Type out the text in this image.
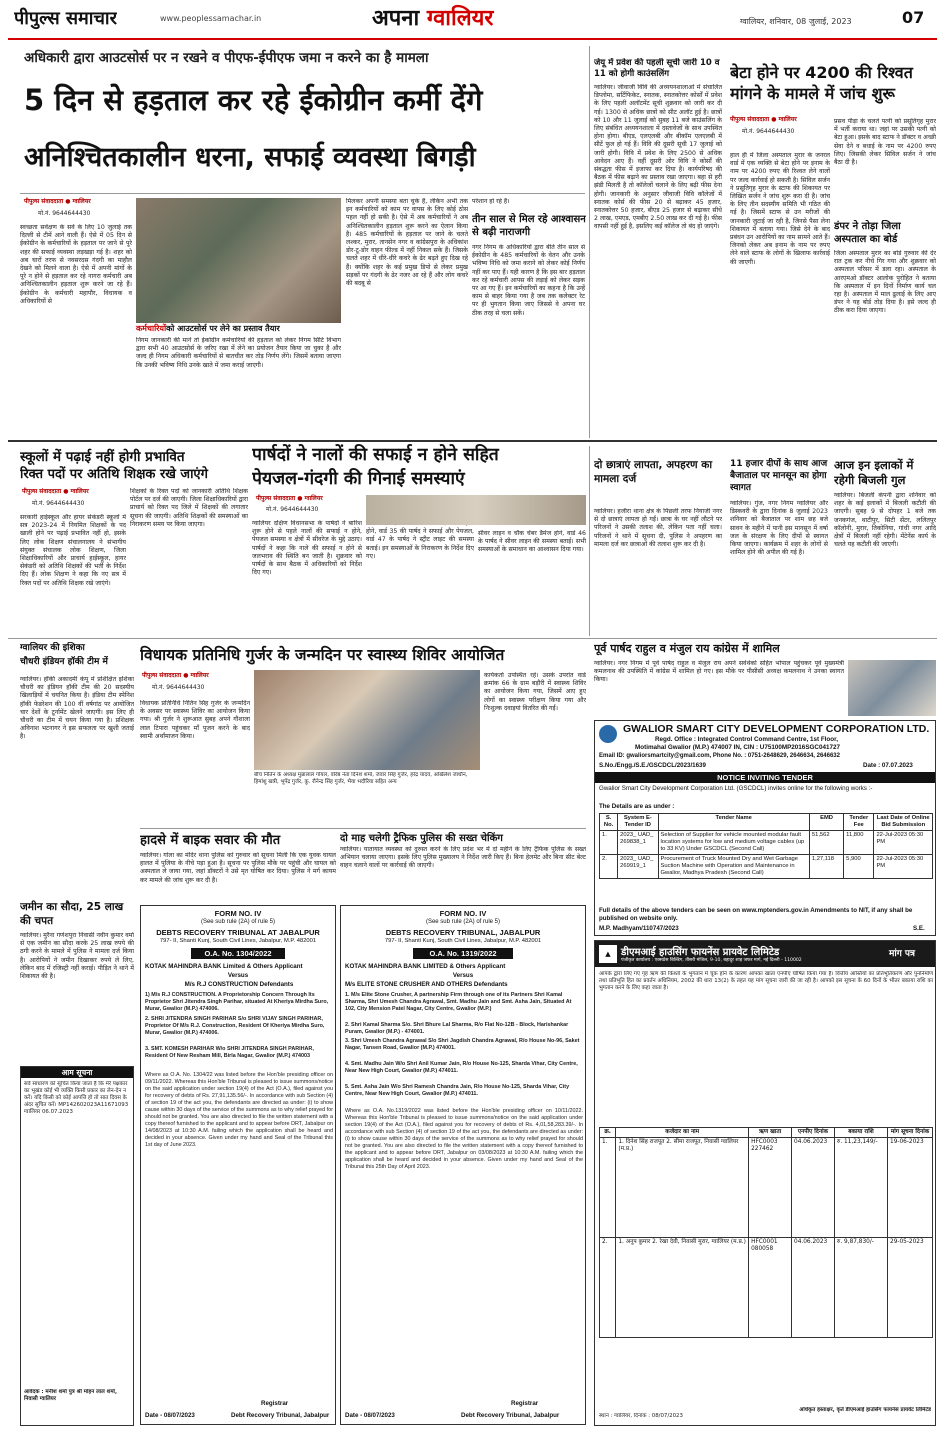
पीपुल्स समाचार	www.peoplessamachar.in	अपना ग्वालियर	ग्वालियर, शनिवार, 08 जुलाई, 2023	07
अधिकारी द्वारा आउटसोर्स पर न रखने व पीएफ-ईपीएफ जमा न करने का है मामला
5 दिन से हड़ताल कर रहे ईकोग्रीन कर्मी देंगे
अनिश्चितकालीन धरना, सफाई व्यवस्था बिगड़ी
पीपुल्स संवाददाता ● ग्वालियर
मो.नं. 9644644430
स्वच्छता सर्वेक्षण के सर्वे के लिए 10 जुलाई तक दिल्ली से टीमें आने वाली हैं। ऐसे में 05 दिन से ईकोग्रीन के कर्मचारियों के हड़ताल पर जाने से पूरे शहर की सफाई व्यवस्था लड़खड़ा गई है। शहर को अब चारों तरफ से नवसरदस गंदगी का माहौल देखने को मिलने वाला है। ऐसे में अपनी मांगों के पूरे न होने से हड़ताल कर रहे नागरा कर्मचारी अब अनिश्चितकालीन हड़ताल शुरू करने जा रहे हैं। ईकोग्रीन के कर्मचारी महापौर, विधायक व अधिकारियों से
कर्मचारियोंको आउटसोर्स पर लेने का प्रस्ताव तैयार
निगम जानकारी की मानें तो ईकोग्रीन कर्मचारियों की हड़ताल को लेकर निगम सिटि विभाग द्वारा सभी 40 आउटसोर्स के जरिए रखा में लेने का प्रयोजन तैयार किया जा चुका है और जल्द ही निगम अधिकारी कर्मचारियों से बातचीत कर तोड़ निर्णय लेंगे। जिसमें बताया जाएगा कि उनकी भविष्य निधि उनके खाते में जमा कराई जाएगी।
मिलकर अपनी समस्या बता चुके हैं, लेकिन अभी तक इन कर्मचारियों को काम पर वापस के लिए कोई ठोस पहल नहीं हो सकी है। ऐसे में अब कर्मचारियों ने अब अनिश्चितकालीन हड़ताल शुरू करने का ऐलान किया है। 485 कर्मचारियों के हड़ताल पर जाने के चलते लश्कर, मुरार, तानसेन नगर व कांग्रेसपुरा के अधिकांश डोर-टू-डोर वाहन फील्ड में नहीं निकल सके हैं। जिसके चलते शहर में धीरे-धीरे कचरे के ढेर बढ़ते हुए दिख रहे हैं। क्योंकि शहर के कई प्रमुख डिपो से लेकर प्रमुख सड़कों पर गंदगी के ढेर नजर आ रहे हैं और लोग कचरे की बदबू से
परेशान हो रहे हैं।
तीन साल से मिल रहे आश्वासन से बढ़ी नाराजगी
नगर निगम के अधिकारियों द्वारा बीते तीन साल से ईकोग्रीन के 485 कर्मचारियों के वेतन और उनके भविष्य निधि को जमा कराने को लेकर कोई निर्णय नहीं कर पाए हैं। यही कारण है कि इस बार हड़ताल कर रहे कर्मचारी आपस की लड़ाई को लेकर सड़क पर आ गए हैं। इन कर्मचारियों का कहना है कि उन्हें काम से बाहर किया गया है जब तक कलेक्टर रेट पर ही भुगतान किया जाए जिससे वे अपना घर ठीक तरह से चला सकें।
जेयू में प्रवेश की पहली सूची जारी 10 व 11 को होगी काउंसलिंग
ग्वालियर। जीवाजी विवि की अध्ययनशालाओं में संचालित डिप्लोमा, सर्टिफिकेट, स्नातक, स्नातकोत्तर कोर्सों में प्रवेश के लिए पहली अलॉटमेंट सूची शुक्रवार को जारी कर दी गई। 1300 से अधिक छात्रों को सीट अलॉट हुई है। छात्रों को 10 और 11 जुलाई को सुबह 11 बजे काउंसलिंग के लिए संबंधित अध्ययनशाला में दस्तावेजों के साथ उपस्थित होना होगा। बीएड, एलएलबी और बीकॉम एलएलबी में सीटें फुल हो गई हैं। विवि की दूसरी सूची 17 जुलाई को जारी होगी। विवि में प्रवेश के लिए 2500 से अधिक आवेदन आए हैं। वहीं दूसरी ओर विवि ने कोर्सों की संबद्धता फीस में इजाफा कर दिया है। कार्यपरिषद की बैठक में फीस बढ़ाने का प्रस्ताव रखा जाएगा। बहा से हरी झंडी मिलती है तो कॉलेजों चलाने के लिए बढ़ी फीस देना होगी। जानकारी के अनुसार जीवाजी विवि कॉलेजों में स्नातक कोर्स की फीस 20 से बढ़ाकर 45 हजार, स्नातकोत्तर 50 हजार, बीएड 25 हजार से बढ़ाकर सीधे 2 लाख, एमएड, एमबीए 2.50 लाख कर दी गई है। फीस वापसी नहीं हुई है, इसलिए कई कॉलेज तो बंद हो जाएंगे।
बेटा होने पर 4200 की रिश्वत मांगने के मामले में जांच शुरू
पीपुल्स संवाददाता ● ग्वालियर
मो.नं. 9644644430
हाल ही में जिला अस्पताल मुरार के जनरल वार्ड में एक व्यक्ति से बेटा होने पर इनाम के नाम पर 4200 रुपए की रिश्वत लेने वालों पर जल्द कार्रवाई हो सकती है। सिविल सर्जन ने प्रसूतिगृह मुरार के स्टाफ की शिकायत पर लिखित सर्जन ने जांच शुरू करा दी है। जांच के लिए तीन सदस्यीय समिति भी गठित की गई है। जिसमें स्टाफ से उन मरीजों की जानकारी जुटाई जा रही है, जिनसे पैसा लेना शिकायत में बताया गया। जिसे देने के बाद प्रबंधन उन आरोपियों का नाम सामने आते हैं। जिनको लेकर अब इनाम के नाम पर रुपए लेने वाले स्टाफ के लोगों के खिलाफ कार्रवाई की जाएगी।
प्रसव पीड़ा के चलते पत्नी को प्रसूतिगृह मुरार में भर्ती कराया था। जहां पर उसकी पत्नी को बेटा हुआ। इसके बाद स्टाफ ने डॉक्टर व अच्छी सेवा देने व बधाई के नाम पर 4200 रुपए लिए। जिसकी लेकर सिविल सर्जन ने जांच बैठा दी है।
डंपर ने तोड़ा जिला अस्पताल का बोर्ड
जिला अस्पताल मुरार का बोर्ड गुरुवार की देर रात ट्रक कर नीचे गिर गया और शुक्रवार को अस्पताल परिसर में डला रहा। अस्पताल के आरएमओ डॉक्टर आलोक पुरोहित ने बताया कि अस्पताल में इन दिनों निर्माण कार्य चल रहा है। अस्पताल में माल ढुलाई के लिए आए डंपर ने यह बोर्ड तोड़ दिया है। इसे जल्द ही ठीक करा दिया जाएगा।
स्कूलों में पढ़ाई नहीं होगी प्रभावित
रिक्त पदों पर अतिथि शिक्षक रखे जाएंगे
पीपुल्स संवाददाता ● ग्वालियर
मो.नं. 9644644430
सरकारी हाईस्कूल और हायर सेकंडरी स्कूलों में सत्र 2023-24 में नियमित शिक्षकों के पद खाली होने पर पढ़ाई प्रभावित नहीं हो, इसके लिए लोक शिक्षण संचालनालय ने संभागीय संयुक्त संचालक लोक शिक्षण, जिला शिक्षाधिकारियों और प्राचार्य हाईस्कूल, हायर सेकंडरी को अतिथि शिक्षकों की भर्ती के निर्देश दिए हैं। लोक शिक्षण ने कहा कि नए सत्र में रिक्त पदों पर अतिथि शिक्षक रखे जाएंगे।
शिक्षकों के रिक्त पदों को जानकारी अतिथि शिक्षक पोर्टल पर दर्ज की जाएगी। जिला शिक्षाधिकारियों द्वारा प्राचार्य को रिक्त पद जिले में शिक्षकों की लगातार सूचना की जाएगी। अतिथि शिक्षकों की समस्याओं का निराकरण समय पर किया जाएगा।
पार्षदों ने नालों की सफाई न होने सहित
पेयजल-गंदगी की गिनाई समस्याएं
पीपुल्स संवाददाता ● ग्वालियर
मो.नं. 9644644430
ग्वालियर दक्षिण विधानसभा के पार्षदों ने बारिश शुरू होने से पहले नालों की सफाई न होने, पेयजल समस्या व क्षेत्रों में सीवरेज के मुद्दे उठाए। पार्षदों ने कहा कि नाले की सफाई न होने से जलभराव की स्थिति बन जाती है। शुक्रवार को पार्षदों के साथ बैठक में अधिकारियों को निर्देश दिए गए।
होने, वार्ड 35 की पार्षद ने सफाई और पेयजल, वार्ड 47 के पार्षद ने स्ट्रीट लाइट की समस्या बताई। इन समस्याओं के निराकरण के निर्देश दिए गए।
सीवर लाइन व चौक चेंबर डैमेज होने, वार्ड 46 के पार्षद ने सीवर लाइन की समस्या बताई। सभी समस्याओं के समाधान का आश्वासन दिया गया।
दो छात्राएं लापता, अपहरण का मामला दर्ज
ग्वालियर। हजीरा थाना क्षेत्र के पिछली तरफ नियाजी नगर से दो छात्राएं लापता हो गईं। छात्रा के घर नहीं लौटने पर परिजनों ने उसकी तलाश की, लेकिन पता नहीं चला। परिजनों ने थाने में सूचना दी, पुलिस ने अपहरण का मामला दर्ज कर छात्राओं की तलाश शुरू कर दी है।
11 हजार दीपों के साथ आज बैजाताल पर मानसून का होगा स्वागत
ग्वालियर। गुंज, नगर निगम ग्वालियर और डिस्कवरी के द्वारा दिनांक 8 जुलाई 2023 शनिवार को बैजाताल पर शाम छह बजे सावन के महीने में पानी इस मानसून में वर्षा जल के संरक्षण के लिए दीपों से स्वागत किया जाएगा। कार्यक्रम में शहर के लोगों से शामिल होने की अपील की गई है।
आज इन इलाकों में रहेगी बिजली गुल
ग्वालियर। बिजली कंपनी द्वारा शनिवार को शहर के कई इलाकों में बिजली कटौती की जाएगी। सुबह 9 से दोपहर 1 बजे तक जनकगंज, थाटीपुर, सिटी सेंटर, ललितपुर कॉलोनी, मुरार, तिकोनिया, गांधी नगर आदि क्षेत्रों में बिजली नहीं रहेगी। मेंटेनेंस कार्य के चलते यह कटौती की जाएगी।
ग्वालियर की इशिका
चौधरी इंडियन हॉकी टीम में
ग्वालियर। हॉकी अकादमी कंपू में प्रशिक्षित इशिका चौधरी का इंडियन हॉकी टीम की 20 सदस्यीय खिलाड़ियों में चयनित किया है। इंडिया टीम स्पेनिश हॉकी फेडरेशन की 100 वीं वर्षगांठ पर आयोजित चार देशों के टूर्नामेंट खेलने जाएगी। इस लिए ही चौधरी का टीम में चयन किया गया है। प्रशिक्षक अविनाश भटनागर ने इस सफलता पर खुशी जताई है।
विधायक प्रतिनिधि गुर्जर के जन्मदिन पर स्वास्थ्य शिविर आयोजित
पीपुल्स संवाददाता ● ग्वालियर
मो.नं. 9644644430
विधायक प्रतिनिधि नितिन सिंह गुर्जर के जन्मदिन के अवसर पर स्वास्थ्य शिविर का आयोजन किया गया। श्री गुर्जर ने शुरूआत सुबह अपने गौशाला लाल टिपारा पहुंचकर माँ पूजन करने के बाद स्वामी अर्थांमाजन किया।
बीच नितिन के अध्यक्ष मुन्नालाल गोयल, वरिष्ठ नेता दिनेश शर्मा, जवार सिंह गुर्जर, हरेंद्र यादव, अखिलेश जाधौन, हिमांशु खत्री, भूपेंद्र गुर्जर, कु. रौनेन्द्र सिंह गुर्जर, भैया भदौरिया सहित अन्य
कार्यकर्ता उपस्थित रहे। उसके उपरांत वार्ड क्रमांक 66 के ग्राम बड़ौरी में स्वास्थ्य शिविर का आयोजन किया गया, जिसमें आए हुए लोगों का स्वास्थ्य परीक्षण किया गया और निःशुल्क दवाइयां वितरित की गईं।
पूर्व पार्षद राहुल व मंजुल राय कांग्रेस में शामिल
ग्वालियर। नगर निगम में पूर्व पार्षद राहुल व मंजुल राय अपने सर्वर्थको सहित भोपाल पहुंचकर पूर्व मुख्यमंत्री कमलनाथ की उपस्थिति में कांग्रेस में शामिल हो गए। इस मौके पर पीसीसी अध्यक्ष कमलनाथ ने उनका स्वागत किया।
GWALIOR SMART CITY DEVELOPMENT CORPORATION LTD.
Regd. Office : Integrated Control Command Centre, 1st Floor,
Motimahal Gwalior (M.P.) 474007 IN, CIN : U75100MP2016SGC041727
Email ID: gwaliorsmartcity@gmail.com, Phone No. : 0751-2648629, 2646634, 2646632
S.No./Engg./S.E./GSCDCL/2023/1639	Date : 07.07.2023
NOTICE INVITING TENDER
Gwalior Smart City Development Corporation Ltd. (GSCDCL) invites online for the following works :-
The Details are as under :
S. No.	System E-Tender ID	Tender Name	EMD	Tender Fee	Last Date of Online Bid Submission
1.	2023_ UAD_ 269838_1	Selection of Supplier for vehicle mounted modular fault location systems for low and medium voltage cables (up to 33 KV) Under GSCDCL (Second Call)	51,562	11,800	22-Jul-2023 05:30 PM
2.	2023_ UAD_ 269919_1	Procurement of Truck Mounted Dry and Wet Garbage Suction Machine with Operation and Maintenance in Gwalior, Madhya Pradesh (Second Call)	1,27,118	5,900	22-Jul-2023 05:30 PM
Full details of the above tenders can be seen on www.mptenders.gov.in Amendments to NIT, if any shall be published on website only.
M.P. Madhyam/110747/2023	S.E.
हादसे में बाइक सवार की मौत
ग्वालियर। गोला का मंदिर थाना पुलिस को गुरुवार को सूचना मिली कि एक युवक घायल हालत में पुलिया के नीचे पड़ा हुआ है। सूचना पर पुलिस मौके पर पहुंची और घायल को अस्पताल ले जाया गया, जहां डॉक्टरों ने उसे मृत घोषित कर दिया। पुलिस ने मर्ग कायम कर मामले की जांच शुरू कर दी है।
दो माह चलेगी ट्रैफिक पुलिस की सख्त चेकिंग
ग्वालियर। यातायात व्यवस्था को दुरुस्त करने के लिए प्रदेश भर में दो महीने के लिए ट्रैफिक पुलिस के सख्त अभियान चलाया जाएगा। इसके लिए पुलिस मुख्यालय ने निर्देश जारी किए हैं। बिना हेलमेट और बिना सीट बेल्ट वाहन चलाने वालों पर कार्रवाई की जाएगी।
जमीन का सौदा, 25 लाख की चपत
ग्वालियर। मुरैना गणेशपुरा निवासी नवीन कुमार वर्मा से एक जमीन का सौदा करके 25 लाख रुपये की ठगी करने के मामले में पुलिस ने मामला दर्ज किया है। आरोपियों ने जमीन दिखाकर रुपये ले लिए, लेकिन बाद में रजिस्ट्री नहीं कराई। पीड़ित ने थाने में शिकायत की है।
आम सूचना
सर्व साधारण को सूचित किया जाता है कि मेरे पक्षकार का भूखंड कोई भी व्यक्ति किसी प्रकार का लेन-देन न करें। यदि किसी को कोई आपत्ति हो तो सात दिवस के अंदर सूचित करें। MP142602023A11671093 ग्वालियर 06.07.2023
आवेदक : मनीश शर्मा पुत्र श्री मोहन लाल शर्मा, निवासी ग्वालियर
FORM NO. IV
(See sub rule (2A) of rule 5)
DEBTS RECOVERY TRIBUNAL AT JABALPUR
797- II, Shanti Kunj, South Civil Lines, Jabalpur, M.P. 482001
O.A. No. 1304/2022
KOTAK MAHINDRA BANK Limited & Others Applicant
Versus
M/s R.J CONSTRUCTION Defendants
1) M/s R.J CONSTRUCTION. A Proprietorship Concern Through Its Proprietor Shri Jitendra Singh Parihar, situated At Kheriya Mirdha Suro, Murar, Gwalior (M.P.) 474006.
2. SHRI JITENDRA SINGH PARIHAR S/o SHRI VIJAY SINGH PARIHAR, Proprietor Of M/s R.J. Construction, Resident Of Kheriya Mirdha Suro, Murar, Gwalior (M.P.) 474006.
3. SMT. KOMESH PARIHAR W/o SHRI JITENDRA SINGH PARIHAR, Resident Of New Resham Mill, Birla Nagar, Gwalior (M.P.) 474003
Where as O.A. No. 1304/22 was listed before the Hon'ble presiding officer on 09/11/2022. Whereas this Hon'ble Tribunal is pleased to issue summons/notice on the said application under section 19(4) of the Act (O.A.), filed against you for recovery of debts of Rs. 27,91,135.56/-. In accordance with sub Section (4) of section 19 of the act you, the defendants are directed as under: (i) to show cause within 30 days of the service of the summons as to why relief prayed for should not be granted. You are also directed to file the written statement with a copy thereof furnished to the applicant and to appear before DRT, Jabalpur on 14/08/2023 at 10:30 A.M. failing which the application shall be heard and decided in your absence. Given under my hand and Seal of the Tribunal this 1st day of June 2023.
Registrar
Date - 08/07/2023	Debt Recovery Tribunal, Jabalpur
FORM NO. IV
(See sub rule (2A) of rule 5)
DEBTS RECOVERY TRIBUNAL, JABALPUR
797- II, Shanti Kunj, South Civil Lines, Jabalpur, M.P. 482001
O.A. No. 1319/2022
KOTAK MAHINDRA BANK LIMITED & Others Applicant
Versus
M/s ELITE STONE CRUSHER AND OTHERS Defendants
1. M/s Elite Stone Crusher, A partnership Firm through one of its Partners Shri Kamal Sharma, Shri Umesh Chandra Agrawal, Smt. Madhu Jain and Smt. Asha Jain, Situated At 102, City Mension Patel Nagar, City Centre, Gwalior (M.P.)
2. Shri Kamal Sharma S/o. Shri Bhure Lal Sharma, R/o Flat No-12B - Block, Harishankar Puram, Gwalior (M.P.) - 474001.
3. Shri Umesh Chandra Agrawal S/o Shri Jagdish Chandra Agrawal, R/o House No-96, Saket Nagar, Tansen Road, Gwalior (M.P.) 474001.
4. Smt. Madhu Jain W/o Shri Anil Kumar Jain, R/o House No-125, Sharda Vihar, City Centre, Near New High Court, Gwalior (M.P.) 474011.
5. Smt. Asha Jain W/o Shri Ramesh Chandra Jain, R/o House No-125, Sharda Vihar, City Centre, Near New High Court, Gwalior (M.P.) 474011.
Where as O.A. No.1319/2022 was listed before the Hon'ble presiding officer on 10/11/2022. Whereas this Hon'ble Tribunal is pleased to issue summons/notice on the said application under section 19(4) of the Act (O.A.), filed against you for recovery of debts of Rs. 4,01,58,283.39/-. In accordance with sub Section (4) of section 19 of the act you, the defendants are directed as under: (i) to show cause within 30 days of the service of the summons as to why relief prayed for should not be granted. You are also directed to file the written statement with a copy thereof furnished to the applicant and to appear before DRT, Jabalpur on 03/08/2023 at 10:30 A.M. failing which the application shall be heard and decided in your absence. Given under my hand and Seal of the Tribunal this 25th Day of April 2023.
Registrar
Date - 08/07/2023	Debt Recovery Tribunal, Jabalpur
▲	डीएमआई हाउसिंग फायनेंस प्रायवेट लिमिटेड	मांग पत्र
पंजीकृत कार्यालय : एक्सप्रेस बिल्डिंग, तीसरी मंजिल, 9-10, बहादुर शाह जफर मार्ग, नई दिल्ली - 110002
आपके द्वारा लिए गए गृह ऋण की किश्तों के भुगतान में चूक होने के कारण आपका खाता एनपीए घोषित किया गया है। वित्तीय आस्तियों का प्रतिभूतिकरण और पुनर्निर्माण तथा प्रतिभूति हित का प्रवर्तन अधिनियम, 2002 की धारा 13(2) के तहत यह मांग सूचना जारी की जा रही है। आपको इस सूचना के 60 दिनों के भीतर बकाया राशि का भुगतान करने के लिए कहा जाता है।
क्र.	कर्जदार का नाम	ऋण खाता	एनपीए दिनांक	बकाया राशि	मांग सूचना दिनांक
1.	1. दिनेश सिंह राजपूत 2. सीमा राजपूत, निवासी ग्वालियर (म.प्र.)	HFC0003 227462	04.06.2023	रु. 11,23,149/-	19-06-2023
2.	1. अनूप कुमार 2. रेखा देवी, निवासी मुरार, ग्वालियर (म.प्र.)	HFC0001 080058	04.06.2023	रु. 9,87,830/-	29-05-2023
स्थान : ग्वालियर, दिनांक : 08/07/2023
अधिकृत हस्ताक्षर, कृते डीएमआई हाउसिंग फायनेंस प्रायवेट लिमिटेड
